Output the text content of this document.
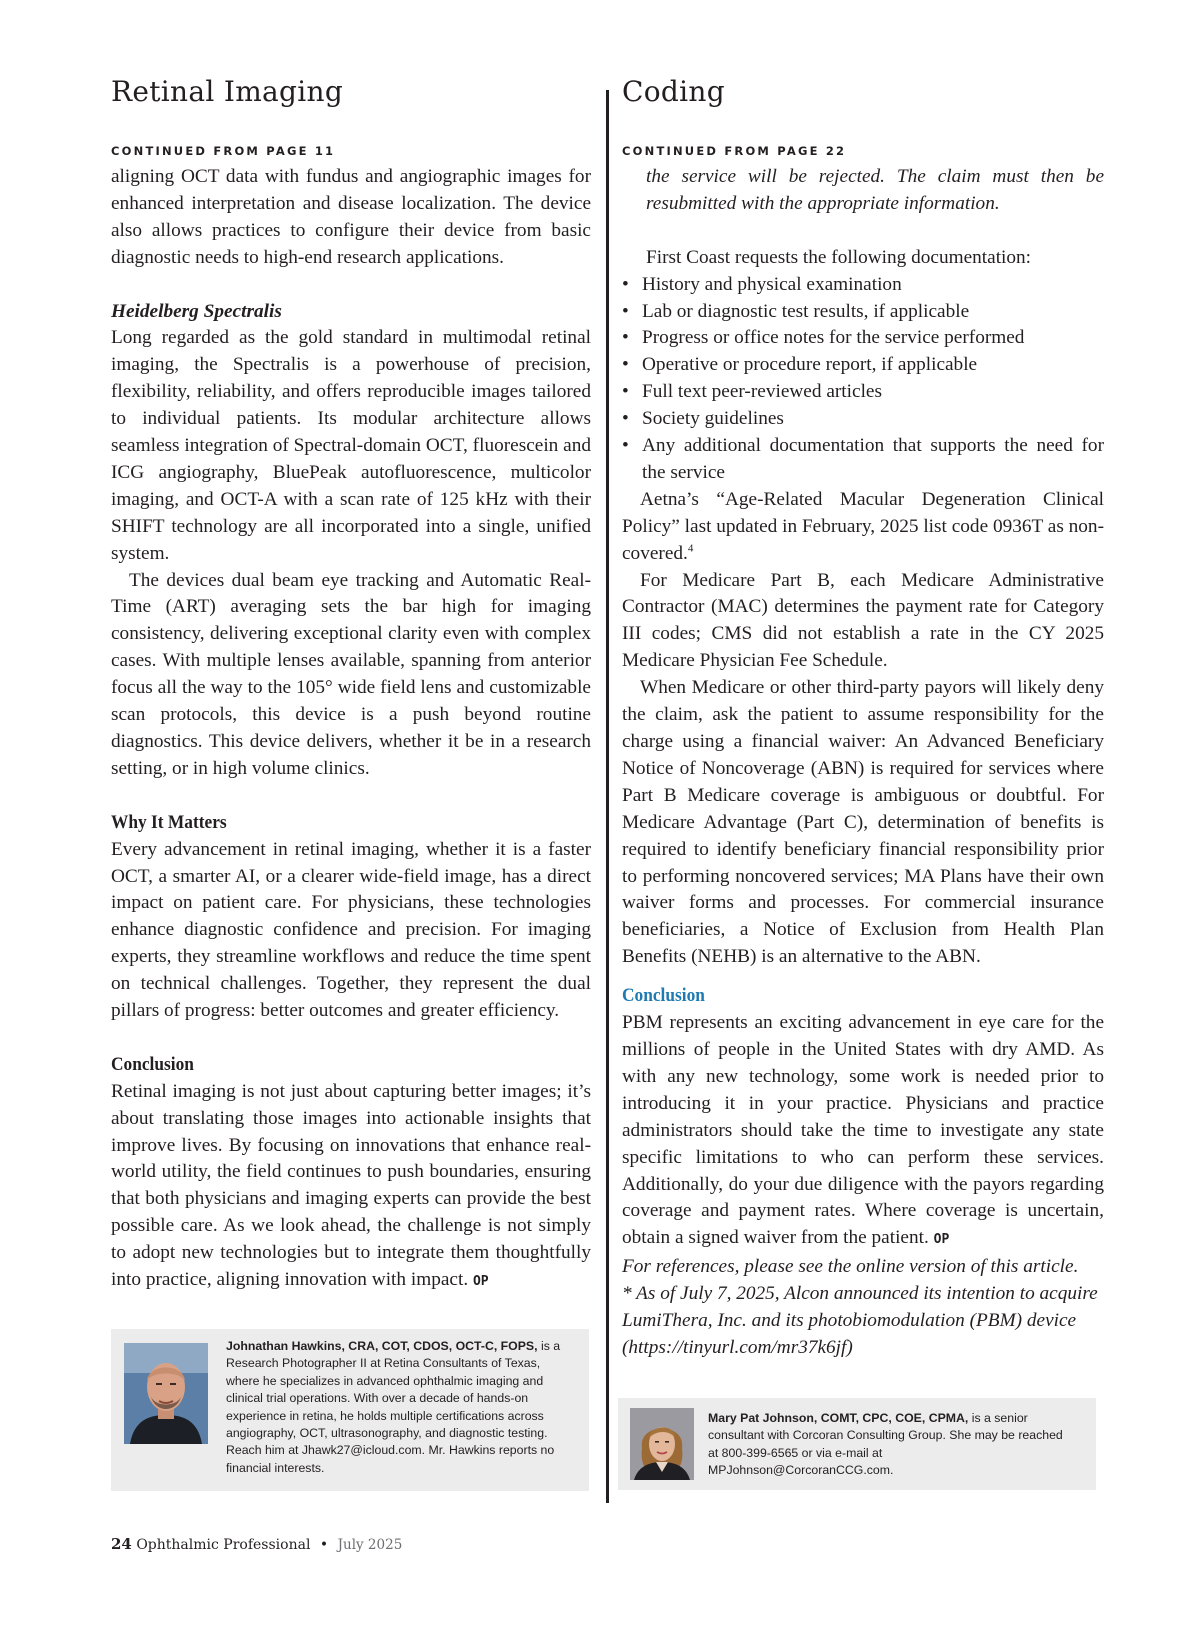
Retinal Imaging
CONTINUED FROM PAGE 11

aligning OCT data with fundus and angiographic images for enhanced interpretation and disease localization. The device also allows practices to configure their device from basic diagnostic needs to high-end research applications.

Heidelberg Spectralis

Long regarded as the gold standard in multimodal retinal imaging, the Spectralis is a powerhouse of precision, flexibility, reliability, and offers reproducible images tailored to individual patients. Its modular architecture allows seamless integration of Spectral-domain OCT, fluorescein and ICG angiography, BluePeak autofluorescence, multicolor imaging, and OCT-A with a scan rate of 125 kHz with their SHIFT technology are all incorporated into a single, unified system.

The devices dual beam eye tracking and Automatic Real-Time (ART) averaging sets the bar high for imaging consistency, delivering exceptional clarity even with complex cases. With multiple lenses available, spanning from anterior focus all the way to the 105° wide field lens and customizable scan protocols, this device is a push beyond routine diagnostics. This device delivers, whether it be in a research setting, or in high volume clinics.

Why It Matters

Every advancement in retinal imaging, whether it is a faster OCT, a smarter AI, or a clearer wide-field image, has a direct impact on patient care. For physicians, these technologies enhance diagnostic confidence and precision. For imaging experts, they streamline workflows and reduce the time spent on technical challenges. Together, they represent the dual pillars of progress: better outcomes and greater efficiency.

Conclusion

Retinal imaging is not just about capturing better images; it’s about translating those images into actionable insights that improve lives. By focusing on innovations that enhance real-world utility, the field continues to push boundaries, ensuring that both physicians and imaging experts can provide the best possible care. As we look ahead, the challenge is not simply to adopt new technologies but to integrate them thoughtfully into practice, aligning innovation with impact. OP

Coding
CONTINUED FROM PAGE 22

the service will be rejected. The claim must then be resubmitted with the appropriate information.

First Coast requests the following documentation:

• History and physical examination
• Lab or diagnostic test results, if applicable
• Progress or office notes for the service performed
• Operative or procedure report, if applicable
• Full text peer-reviewed articles
• Society guidelines
• Any additional documentation that supports the need for the service

Aetna’s “Age-Related Macular Degeneration Clinical Policy” last updated in February, 2025 list code 0936T as non-covered.$^4$

For Medicare Part B, each Medicare Administrative Contractor (MAC) determines the payment rate for Category III codes; CMS did not establish a rate in the CY 2025 Medicare Physician Fee Schedule.

When Medicare or other third-party payors will likely deny the claim, ask the patient to assume responsibility for the charge using a financial waiver: An Advanced Beneficiary Notice of Noncoverage (ABN) is required for services where Part B Medicare coverage is ambiguous or doubtful. For Medicare Advantage (Part C), determination of benefits is required to identify beneficiary financial responsibility prior to performing noncovered services; MA Plans have their own waiver forms and processes. For commercial insurance beneficiaries, a Notice of Exclusion from Health Plan Benefits (NEHB) is an alternative to the ABN.

Conclusion

PBM represents an exciting advancement in eye care for the millions of people in the United States with dry AMD. As with any new technology, some work is needed prior to introducing it in your practice. Physicians and practice administrators should take the time to investigate any state specific limitations to who can perform these services. Additionally, do your due diligence with the payors regarding coverage and payment rates. Where coverage is uncertain, obtain a signed waiver from the patient. OP

For references, please see the online version of this article.

* As of July 7, 2025, Alcon announced its intention to acquire LumiThera, Inc. and its photobiomodulation (PBM) device (https://tinyurl.com/mr37k6jf)

Johnathan Hawkins, CRA, COT, CDOS, OCT-C, FOPS, is a Research Photographer II at Retina Consultants of Texas, where he specializes in advanced ophthalmic imaging and clinical trial operations. With over a decade of hands-on experience in retina, he holds multiple certifications across angiography, OCT, ultrasonography, and diagnostic testing. Reach him at Jhawk27@icloud.com. Mr. Hawkins reports no financial interests.
Mary Pat Johnson, COMT, CPC, COE, CPMA, is a senior consultant with Corcoran Consulting Group. She may be reached at 800-399-6565 or via e-mail at MPJohnson@CorcoranCCG.com.
24 Ophthalmic Professional • July 2025
